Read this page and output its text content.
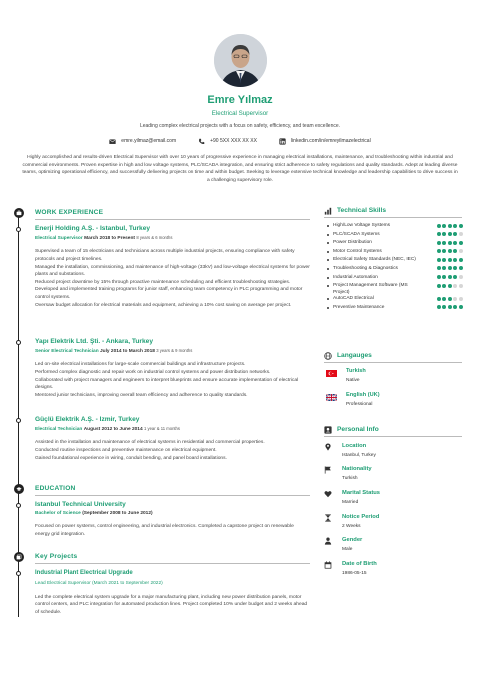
Emre Yılmaz
Electrical Supervisor
Leading complex electrical projects with a focus on safety, efficiency, and team excellence.
emre.yilmaz@email.com	+90 5XX XXX XX XX	linkedin.com/in/emreyilmazelectrical
Highly accomplished and results-driven Electrical Supervisor with over 10 years of progressive experience in managing electrical installations, maintenance, and troubleshooting within industrial and commercial environments. Proven expertise in high and low voltage systems, PLC/SCADA integration, and ensuring strict adherence to safety regulations and quality standards. Adept at leading diverse teams, optimizing operational efficiency, and successfully delivering projects on time and within budget. Seeking to leverage extensive technical knowledge and leadership capabilities to drive success in a challenging supervisory role.
WORK EXPERIENCE
Enerji Holding A.Ş. - Istanbul, Turkey
Electrical Supervisor March 2018 to Present 8 years & 6 months
Supervised a team of 15 electricians and technicians across multiple industrial projects, ensuring compliance with safety protocols and project timelines.
Managed the installation, commissioning, and maintenance of high-voltage (33kV) and low-voltage electrical systems for power plants and substations.
Reduced project downtime by 15% through proactive maintenance scheduling and efficient troubleshooting strategies.
Developed and implemented training programs for junior staff, enhancing team competency in PLC programming and motor control systems.
Oversaw budget allocation for electrical materials and equipment, achieving a 10% cost saving on average per project.
Yapı Elektrik Ltd. Şti. - Ankara, Turkey
Senior Electrical Technician July 2014 to March 2018 3 years & 9 months
Led on-site electrical installations for large-scale commercial buildings and infrastructure projects.
Performed complex diagnostic and repair work on industrial control systems and power distribution networks.
Collaborated with project managers and engineers to interpret blueprints and ensure accurate implementation of electrical designs.
Mentored junior technicians, improving overall team efficiency and adherence to quality standards.
Güçlü Elektrik A.Ş. - Izmir, Turkey
Electrical Technician August 2012 to June 2014 1 year & 11 months
Assisted in the installation and maintenance of electrical systems in residential and commercial properties.
Conducted routine inspections and preventive maintenance on electrical equipment.
Gained foundational experience in wiring, conduit bending, and panel board installations.
EDUCATION
Istanbul Technical University
Bachelor of Science (September 2008 to June 2012)
Focused on power systems, control engineering, and industrial electronics. Completed a capstone project on renewable energy grid integration.
Key Projects
Industrial Plant Electrical Upgrade
Lead Electrical Supervisor (March 2021 to September 2022)
Led the complete electrical system upgrade for a major manufacturing plant, including new power distribution panels, motor control centers, and PLC integration for automated production lines. Project completed 10% under budget and 2 weeks ahead of schedule.
Technical Skills
High/Low Voltage Systems
PLC/SCADA Systems
Power Distribution
Motor Control Systems
Electrical Safety Standards (NEC, IEC)
Troubleshooting & Diagnostics
Industrial Automation
Project Management Software (MS Project)
AutoCAD Electrical
Preventive Maintenance
Langauges
Turkish
Native
English (UK)
Professional
Personal Info
Location
Istanbul, Turkey
Nationality
Turkish
Marital Status
Married
Notice Period
2 Weeks
Gender
Male
Date of Birth
1986-05-15
